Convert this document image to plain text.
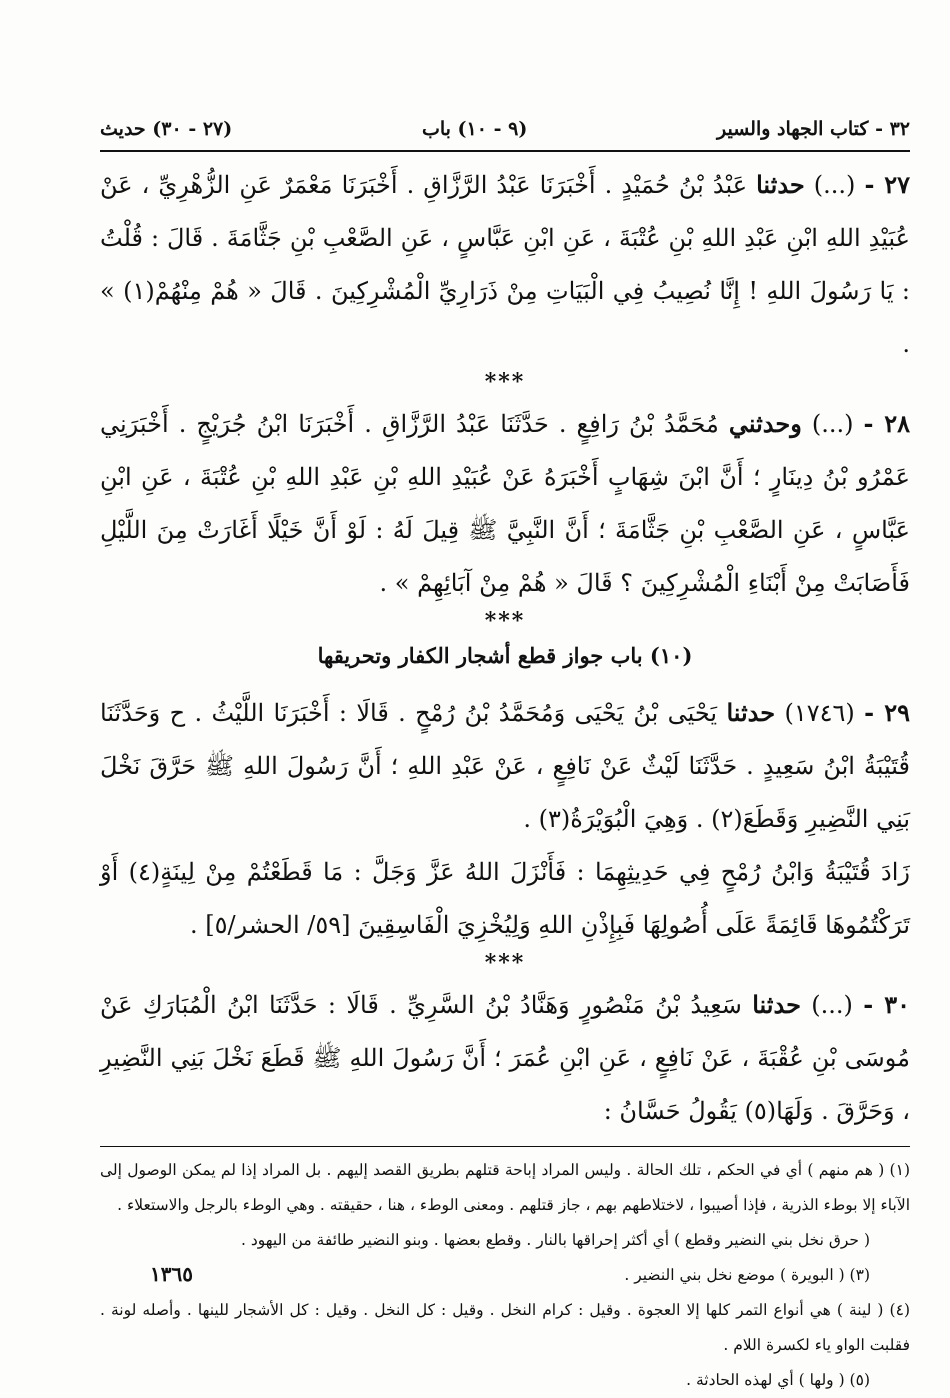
٣٢ - كتاب الجهاد والسير
(٩ - ١٠) باب
(٢٧ - ٣٠) حديث

٢٧ - (...) حدثنا عَبْدُ بْنُ حُمَيْدٍ . أَخْبَرَنَا عَبْدُ الرَّزَّاقِ . أَخْبَرَنَا مَعْمَرٌ عَنِ الزُّهْرِيِّ ، عَنْ عُبَيْدِ اللهِ ابْنِ عَبْدِ اللهِ بْنِ عُتْبَةَ ، عَنِ ابْنِ عَبَّاسٍ ، عَنِ الصَّعْبِ بْنِ جَثَّامَةَ . قَالَ : قُلْتُ : يَا رَسُولَ اللهِ ! إِنَّا نُصِيبُ فِي الْبَيَاتِ مِنْ ذَرَارِيِّ الْمُشْرِكِينَ . قَالَ « هُمْ مِنْهُمْ(١) » .

***

٢٨ - (...) وحدثني مُحَمَّدُ بْنُ رَافِعٍ . حَدَّثَنَا عَبْدُ الرَّزَّاقِ . أَخْبَرَنَا ابْنُ جُرَيْجٍ . أَخْبَرَنِي عَمْرُو بْنُ دِينَارٍ ؛ أَنَّ ابْنَ شِهَابٍ أَخْبَرَهُ عَنْ عُبَيْدِ اللهِ بْنِ عَبْدِ اللهِ بْنِ عُتْبَةَ ، عَنِ ابْنِ عَبَّاسٍ ، عَنِ الصَّعْبِ بْنِ جَثَّامَةَ ؛ أَنَّ النَّبِيَّ ﷺ قِيلَ لَهُ : لَوْ أَنَّ خَيْلًا أَغَارَتْ مِنَ اللَّيْلِ فَأَصَابَتْ مِنْ أَبْنَاءِ الْمُشْرِكِينَ ؟ قَالَ « هُمْ مِنْ آبَائِهِمْ » .

***
(١٠) باب جواز قطع أشجار الكفار وتحريقها

٢٩ - (١٧٤٦) حدثنا يَحْيَى بْنُ يَحْيَى وَمُحَمَّدُ بْنُ رُمْحٍ . قَالَا : أَخْبَرَنَا اللَّيْثُ . ح وَحَدَّثَنَا قُتَيْبَةُ ابْنُ سَعِيدٍ . حَدَّثَنَا لَيْثٌ عَنْ نَافِعٍ ، عَنْ عَبْدِ اللهِ ؛ أَنَّ رَسُولَ اللهِ ﷺ حَرَّقَ نَخْلَ بَنِي النَّضِيرِ وَقَطَعَ(٢) . وَهِيَ الْبُوَيْرَةُ(٣) .

زَادَ قُتَيْبَةُ وَابْنُ رُمْحٍ فِي حَدِيثِهِمَا : فَأَنْزَلَ اللهُ عَزَّ وَجَلَّ : مَا قَطَعْتُمْ مِنْ لِينَةٍ(٤) أَوْ تَرَكْتُمُوهَا قَائِمَةً عَلَى أُصُولِهَا فَبِإِذْنِ اللهِ وَلِيُخْزِيَ الْفَاسِقِينَ [٥٩/ الحشر/٥] .

***

٣٠ - (...) حدثنا سَعِيدُ بْنُ مَنْصُورٍ وَهَنَّادُ بْنُ السَّرِيِّ . قَالَا : حَدَّثَنَا ابْنُ الْمُبَارَكِ عَنْ مُوسَى بْنِ عُقْبَةَ ، عَنْ نَافِعٍ ، عَنِ ابْنِ عُمَرَ ؛ أَنَّ رَسُولَ اللهِ ﷺ قَطَعَ نَخْلَ بَنِي النَّضِيرِ ، وَحَرَّقَ . وَلَهَا(٥) يَقُولُ حَسَّانُ :

(١) ( هم منهم ) أي في الحكم ، تلك الحالة . وليس المراد إباحة قتلهم بطريق القصد إليهم . بل المراد إذا لم يمكن الوصول إلى الآباء إلا بوطء الذرية ، فإذا أصيبوا ، لاختلاطهم بهم ، جاز قتلهم . ومعنى الوطء ، هنا ، حقيقته . وهي الوطء بالرجل والاستعلاء .

( حرق نخل بني النضير وقطع ) أي أكثر إحراقها بالنار . وقطع بعضها . وبنو النضير طائفة من اليهود .

(٣) ( البويرة ) موضع نخل بني النضير .

(٤) ( لينة ) هي أنواع التمر كلها إلا العجوة . وقيل : كرام النخل . وقيل : كل النخل . وقيل : كل الأشجار للينها . وأصله لونة . فقلبت الواو ياء لكسرة اللام .

(٥) ( ولها ) أي لهذه الحادثة .

١٣٦٥
